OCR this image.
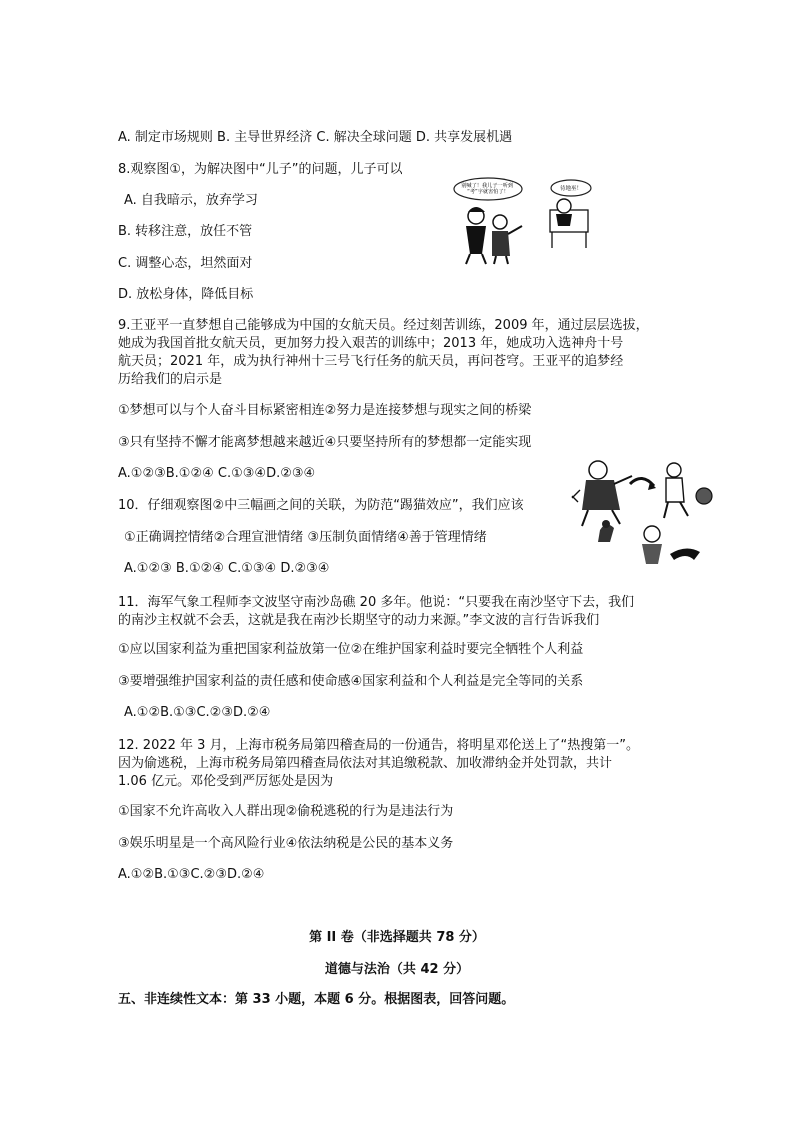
A. 制定市场规则 B. 主导世界经济 C. 解决全球问题 D. 共享发展机遇
8.观察图①，为解决图中“儿子”的问题，儿子可以
A. 自我暗示，放弃学习
B. 转移注意，放任不管
C. 调整心态，坦然面对
D. 放松身体，降低目标
别喊了！我儿子一听到 “考”字就害怕了！	待地巫！
9.王亚平一直梦想自己能够成为中国的女航天员。经过刻苦训练，2009 年，通过层层选拔，
她成为我国首批女航天员，更加努力投入艰苦的训练中；2013 年，她成功入选神舟十号
航天员；2021 年，成为执行神州十三号飞行任务的航天员，再问苍穹。王亚平的追梦经
历给我们的启示是
①梦想可以与个人奋斗目标紧密相连②努力是连接梦想与现实之间的桥梁
③只有坚持不懈才能离梦想越来越近④只要坚持所有的梦想都一定能实现
A.①②③B.①②④ C.①③④D.②③④
10．仔细观察图②中三幅画之间的关联，为防范“踢猫效应”，我们应该
①正确调控情绪②合理宣泄情绪 ③压制负面情绪④善于管理情绪
A.①②③ B.①②④ C.①③④ D.②③④
11．海军气象工程师李文波坚守南沙岛礁 20 多年。他说：“只要我在南沙坚守下去，我们
的南沙主权就不会丢，这就是我在南沙长期坚守的动力来源。”李文波的言行告诉我们
①应以国家利益为重把国家利益放第一位②在维护国家利益时要完全牺牲个人利益
③要增强维护国家利益的责任感和使命感④国家利益和个人利益是完全等同的关系
A.①②B.①③C.②③D.②④
12. 2022 年 3 月，上海市税务局第四稽查局的一份通告，将明星邓伦送上了“热搜第一”。
因为偷逃税，上海市税务局第四稽查局依法对其追缴税款、加收滞纳金并处罚款，共计
1.06 亿元。邓伦受到严厉惩处是因为
①国家不允许高收入人群出现②偷税逃税的行为是违法行为
③娱乐明星是一个高风险行业④依法纳税是公民的基本义务
A.①②B.①③C.②③D.②④
第 II 卷（非选择题共 78 分）
道德与法治（共 42 分）
五、非连续性文本：第 33 小题，本题 6 分。根据图表，回答问题。
